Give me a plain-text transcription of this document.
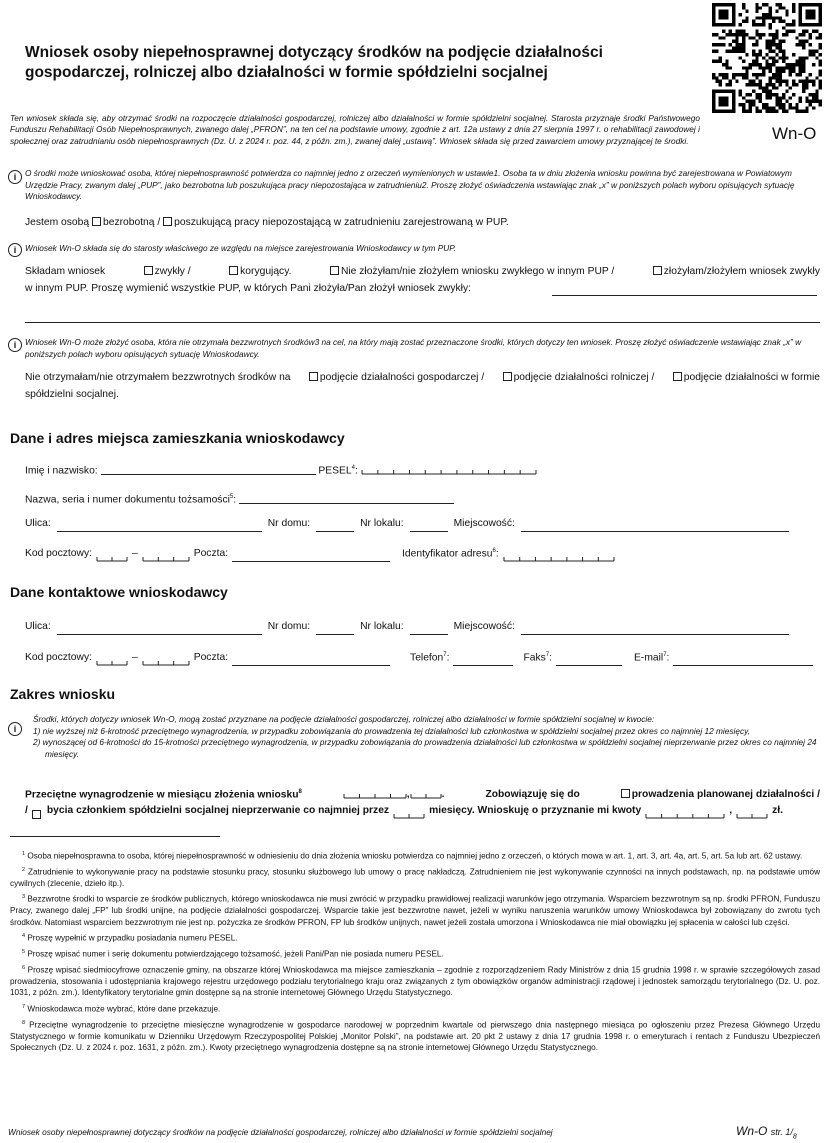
Wniosek osoby niepełnosprawnej dotyczący środków na podjęcie działalności gospodarczej, rolniczej albo działalności w formie spółdzielni socjalnej
Wn-O
Ten wniosek składa się, aby otrzymać środki na rozpoczęcie działalności gospodarczej, rolniczej albo działalności w formie spółdzielni socjalnej. Starosta przyznaje środki Państwowego Funduszu Rehabilitacji Osób Niepełnosprawnych, zwanego dalej „PFRON”, na ten cel na podstawie umowy, zgodnie z art. 12a ustawy z dnia 27 sierpnia 1997 r. o rehabilitacji zawodowej i społecznej oraz zatrudnianiu osób niepełnosprawnych (Dz. U. z 2024 r. poz. 44, z późn. zm.), zwanej dalej „ustawą”. Wniosek składa się przed zawarciem umowy przyznającej te środki.
i	O środki może wnioskować osoba, której niepełnosprawność potwierdza co najmniej jedno z orzeczeń wymienionych w ustawie1. Osoba ta w dniu złożenia wniosku powinna być zarejestrowana w Powiatowym Urzędzie Pracy, zwanym dalej „PUP”, jako bezrobotna lub poszukująca pracy niepozostająca w zatrudnieniu2. Proszę złożyć oświadczenia wstawiając znak „x” w poniższych polach wyboru opisujących sytuację Wnioskodawcy.
Jestem osobą bezrobotną / poszukującą pracy niepozostającą w zatrudnieniu zarejestrowaną w PUP.
i	Wniosek Wn-O składa się do starosty właściwego ze względu na miejsce zarejestrowania Wnioskodawcy w tym PUP.
Składam wniosek	zwykły /	korygujący.	Nie złożyłam/nie złożyłem wniosku zwykłego w innym PUP /	złożyłam/złożyłem wniosek zwykły
w innym PUP. Proszę wymienić wszystkie PUP, w których Pani złożyła/Pan złożył wniosek zwykły:
i	Wniosek Wn-O może złożyć osoba, która nie otrzymała bezzwrotnych środków3 na cel, na który mają zostać przeznaczone środki, których dotyczy ten wniosek. Proszę złożyć oświadczenie wstawiając znak „x” w poniższych polach wyboru opisujących sytuację Wnioskodawcy.
Nie otrzymałam/nie otrzymałem bezzwrotnych środków na	podjęcie działalności gospodarczej /	podjęcie działalności rolniczej /	podjęcie działalności w formie
spółdzielni socjalnej.
Dane i adres miejsca zamieszkania wnioskodawcy
Imię i nazwisko:	PESEL$^4$:
Nazwa, seria i numer dokumentu tożsamości$^5$:
Ulica:	Nr domu:	Nr lokalu:	Miejscowość:
Kod pocztowy:	–	Poczta:	Identyfikator adresu$^6$:
Dane kontaktowe wnioskodawcy
Ulica:	Nr domu:	Nr lokalu:	Miejscowość:
Kod pocztowy:	–	Poczta:	Telefon$^7$:	Faks$^7$:	E-mail$^7$:
Zakres wniosku
i
Środki, których dotyczy wniosek Wn-O, mogą zostać przyznane na podjęcie działalności gospodarczej, rolniczej albo działalności w formie spółdzielni socjalnej w kwocie:
1) nie wyższej niż 6-krotność przeciętnego wynagrodzenia, w przypadku zobowiązania do prowadzenia tej działalności lub członkostwa w spółdzielni socjalnej przez okres co najmniej 12 miesięcy,
2) wynoszącej od 6-krotności do 15-krotności przeciętnego wynagrodzenia, w przypadku zobowiązania do prowadzenia działalności lub członkostwa w spółdzielni socjalnej nieprzerwanie przez okres co najmniej 24 miesięcy.
Przeciętne wynagrodzenie w miesiącu złożenia wniosku$^8$	,	.	Zobowiązuję się do	prowadzenia planowanej działalności /
/ bycia członkiem spółdzielni socjalnej nieprzerwanie co najmniej przez	miesięcy. Wnioskuję o przyznanie mi kwoty	,	zł.
$^1$ Osoba niepełnosprawna to osoba, której niepełnosprawność w odniesieniu do dnia złożenia wniosku potwierdza co najmniej jedno z orzeczeń, o których mowa w art. 1, art. 3, art. 4a, art. 5, art. 5a lub art. 62 ustawy.
$^2$ Zatrudnienie to wykonywanie pracy na podstawie stosunku pracy, stosunku służbowego lub umowy o pracę nakładczą. Zatrudnieniem nie jest wykonywanie czynności na innych podstawach, np. na podstawie umów cywilnych (zlecenie, dzieło itp.).
$^3$ Bezzwrotne środki to wsparcie ze środków publicznych, którego wnioskodawca nie musi zwrócić w przypadku prawidłowej realizacji warunków jego otrzymania. Wsparciem bezzwrotnym są np. środki PFRON, Funduszu Pracy, zwanego dalej „FP” lub środki unijne, na podjęcie działalności gospodarczej. Wsparcie takie jest bezzwrotne nawet, jeżeli w wyniku naruszenia warunków umowy Wnioskodawca był zobowiązany do zwrotu tych środków. Natomiast wsparciem bezzwrotnym nie jest np. pożyczka ze środków PFRON, FP lub środków unijnych, nawet jeżeli została umorzona i Wnioskodawca nie miał obowiązku jej spłacenia w całości lub części.
$^4$ Proszę wypełnić w przypadku posiadania numeru PESEL.
$^5$ Proszę wpisać numer i serię dokumentu potwierdzającego tożsamość, jeżeli Pani/Pan nie posiada numeru PESEL.
$^6$ Proszę wpisać siedmiocyfrowe oznaczenie gminy, na obszarze której Wnioskodawca ma miejsce zamieszkania – zgodnie z rozporządzeniem Rady Ministrów z dnia 15 grudnia 1998 r. w sprawie szczegółowych zasad prowadzenia, stosowania i udostępniania krajowego rejestru urzędowego podziału terytorialnego kraju oraz związanych z tym obowiązków organów administracji rządowej i jednostek samorządu terytorialnego (Dz. U. poz. 1031, z późn. zm.). Identyfikatory terytorialne gmin dostępne są na stronie internetowej Głównego Urzędu Statystycznego.
$^7$ Wnioskodawca może wybrać, które dane przekazuje.
$^8$ Przeciętne wynagrodzenie to przeciętne miesięczne wynagrodzenie w gospodarce narodowej w poprzednim kwartale od pierwszego dnia następnego miesiąca po ogłoszeniu przez Prezesa Głównego Urzędu Statystycznego w formie komunikatu w Dzienniku Urzędowym Rzeczypospolitej Polskiej „Monitor Polski”, na podstawie art. 20 pkt 2 ustawy z dnia 17 grudnia 1998 r. o emeryturach i rentach z Funduszu Ubezpieczeń Społecznych (Dz. U. z 2024 r. poz. 1631, z późn. zm.). Kwoty przeciętnego wynagrodzenia dostępne są na stronie internetowej Głównego Urzędu Statystycznego.
Wniosek osoby niepełnosprawnej dotyczący środków na podjęcie działalności gospodarczej, rolniczej albo działalności w formie spółdzielni socjalnej	Wn-O str. $1/_8$
